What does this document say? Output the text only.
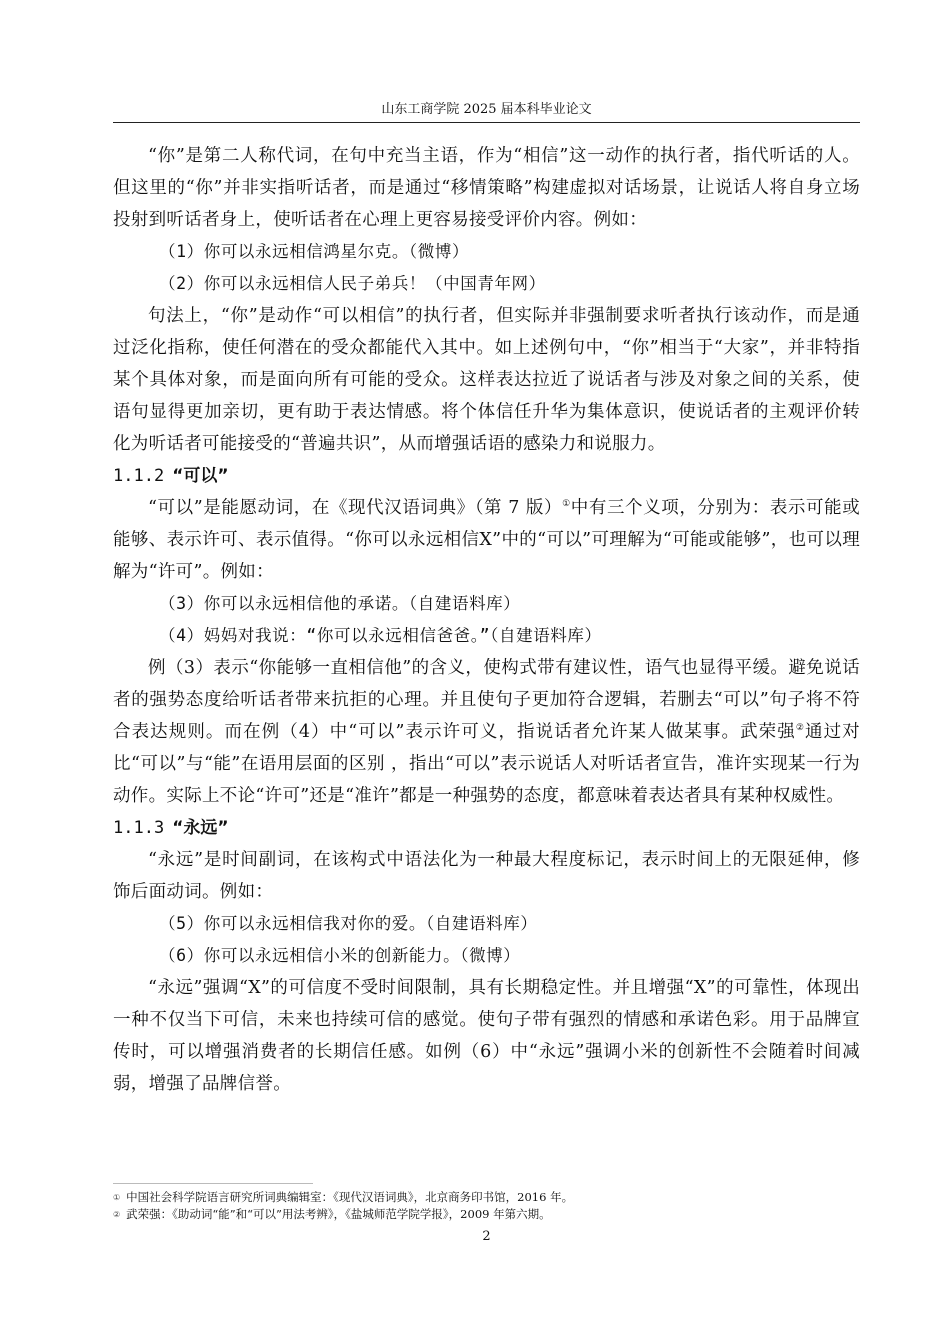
山东工商学院 2025 届本科毕业论文

“你”是第二人称代词，在句中充当主语，作为“相信”这一动作的执行者，指代听话的人。但这里的“你”并非实指听话者，而是通过“移情策略”构建虚拟对话场景，让说话人将自身立场投射到听话者身上，使听话者在心理上更容易接受评价内容。例如：

（1）你可以永远相信鸿星尔克。（微博）

（2）你可以永远相信人民子弟兵！（中国青年网）

句法上，“你”是动作“可以相信”的执行者，但实际并非强制要求听者执行该动作，而是通过泛化指称，使任何潜在的受众都能代入其中。如上述例句中，“你”相当于“大家”，并非特指某个具体对象，而是面向所有可能的受众。这样表达拉近了说话者与涉及对象之间的关系，使语句显得更加亲切，更有助于表达情感。将个体信任升华为集体意识，使说话者的主观评价转化为听话者可能接受的“普遍共识”，从而增强话语的感染力和说服力。

1.1.2 “可以”

“可以”是能愿动词，在《现代汉语词典》（第 7 版）①中有三个义项，分别为：表示可能或能够、表示许可、表示值得。“你可以永远相信X”中的“可以”可理解为“可能或能够”，也可以理解为“许可”。例如：

（3）你可以永远相信他的承诺。（自建语料库）

（4）妈妈对我说：“你可以永远相信爸爸。”（自建语料库）

例（3）表示“你能够一直相信他”的含义，使构式带有建议性，语气也显得平缓。避免说话者的强势态度给听话者带来抗拒的心理。并且使句子更加符合逻辑，若删去“可以”句子将不符合表达规则。而在例（4）中“可以”表示许可义，指说话者允许某人做某事。武荣强②通过对比“可以”与“能”在语用层面的区别 ，指出“可以”表示说话人对听话者宣告，准许实现某一行为动作。实际上不论“许可”还是“准许”都是一种强势的态度，都意味着表达者具有某种权威性。

1.1.3 “永远”

“永远”是时间副词，在该构式中语法化为一种最大程度标记，表示时间上的无限延伸，修饰后面动词。例如：

（5）你可以永远相信我对你的爱。（自建语料库）

（6）你可以永远相信小米的创新能力。（微博）

“永远”强调“X”的可信度不受时间限制，具有长期稳定性。并且增强“X”的可靠性，体现出一种不仅当下可信，未来也持续可信的感觉。使句子带有强烈的情感和承诺色彩。用于品牌宣传时，可以增强消费者的长期信任感。如例（6）中“永远”强调小米的创新性不会随着时间减弱，增强了品牌信誉。

① 中国社会科学院语言研究所词典编辑室：《现代汉语词典》，北京商务印书馆，2016 年。

② 武荣强：《助动词“能”和“可以”用法考辨》，《盐城师范学院学报》，2009 年第六期。

2
